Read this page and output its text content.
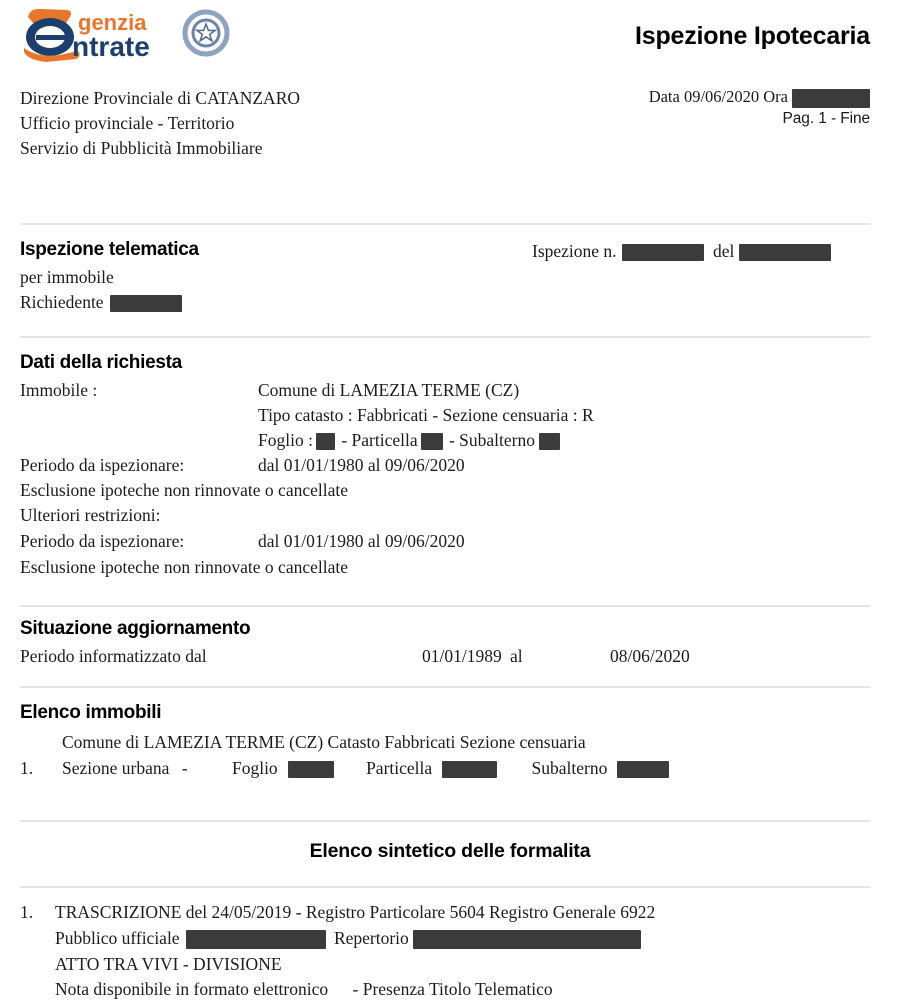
genzia
ntrate	Ispezione Ipotecaria
Direzione Provinciale di CATANZARO
Ufficio provinciale - Territorio
Servizio di Pubblicità Immobiliare
Data 09/06/2020 Ora
Pag. 1 - Fine
Ispezione telematica	Ispezione n.	del
per immobile
Richiedente
Dati della richiesta
Immobile :	Comune di LAMEZIA TERME (CZ)
Tipo catasto : Fabbricati - Sezione censuaria : R
Foglio : - Particella - Subalterno
Periodo da ispezionare:	dal 01/01/1980 al 09/06/2020
Esclusione ipoteche non rinnovate o cancellate
Ulteriori restrizioni:
Periodo da ispezionare:	dal 01/01/1980 al 09/06/2020
Esclusione ipoteche non rinnovate o cancellate
Situazione aggiornamento
Periodo informatizzato dal	01/01/1989 al	08/06/2020
Elenco immobili
Comune di LAMEZIA TERME (CZ) Catasto Fabbricati Sezione censuaria
1. Sezione urbana -	Foglio	Particella	Subalterno
Elenco sintetico delle formalita
1. TRASCRIZIONE del 24/05/2019 - Registro Particolare 5604 Registro Generale 6922
Pubblico ufficiale	Repertorio
ATTO TRA VIVI - DIVISIONE
Nota disponibile in formato elettronico - Presenza Titolo Telematico
